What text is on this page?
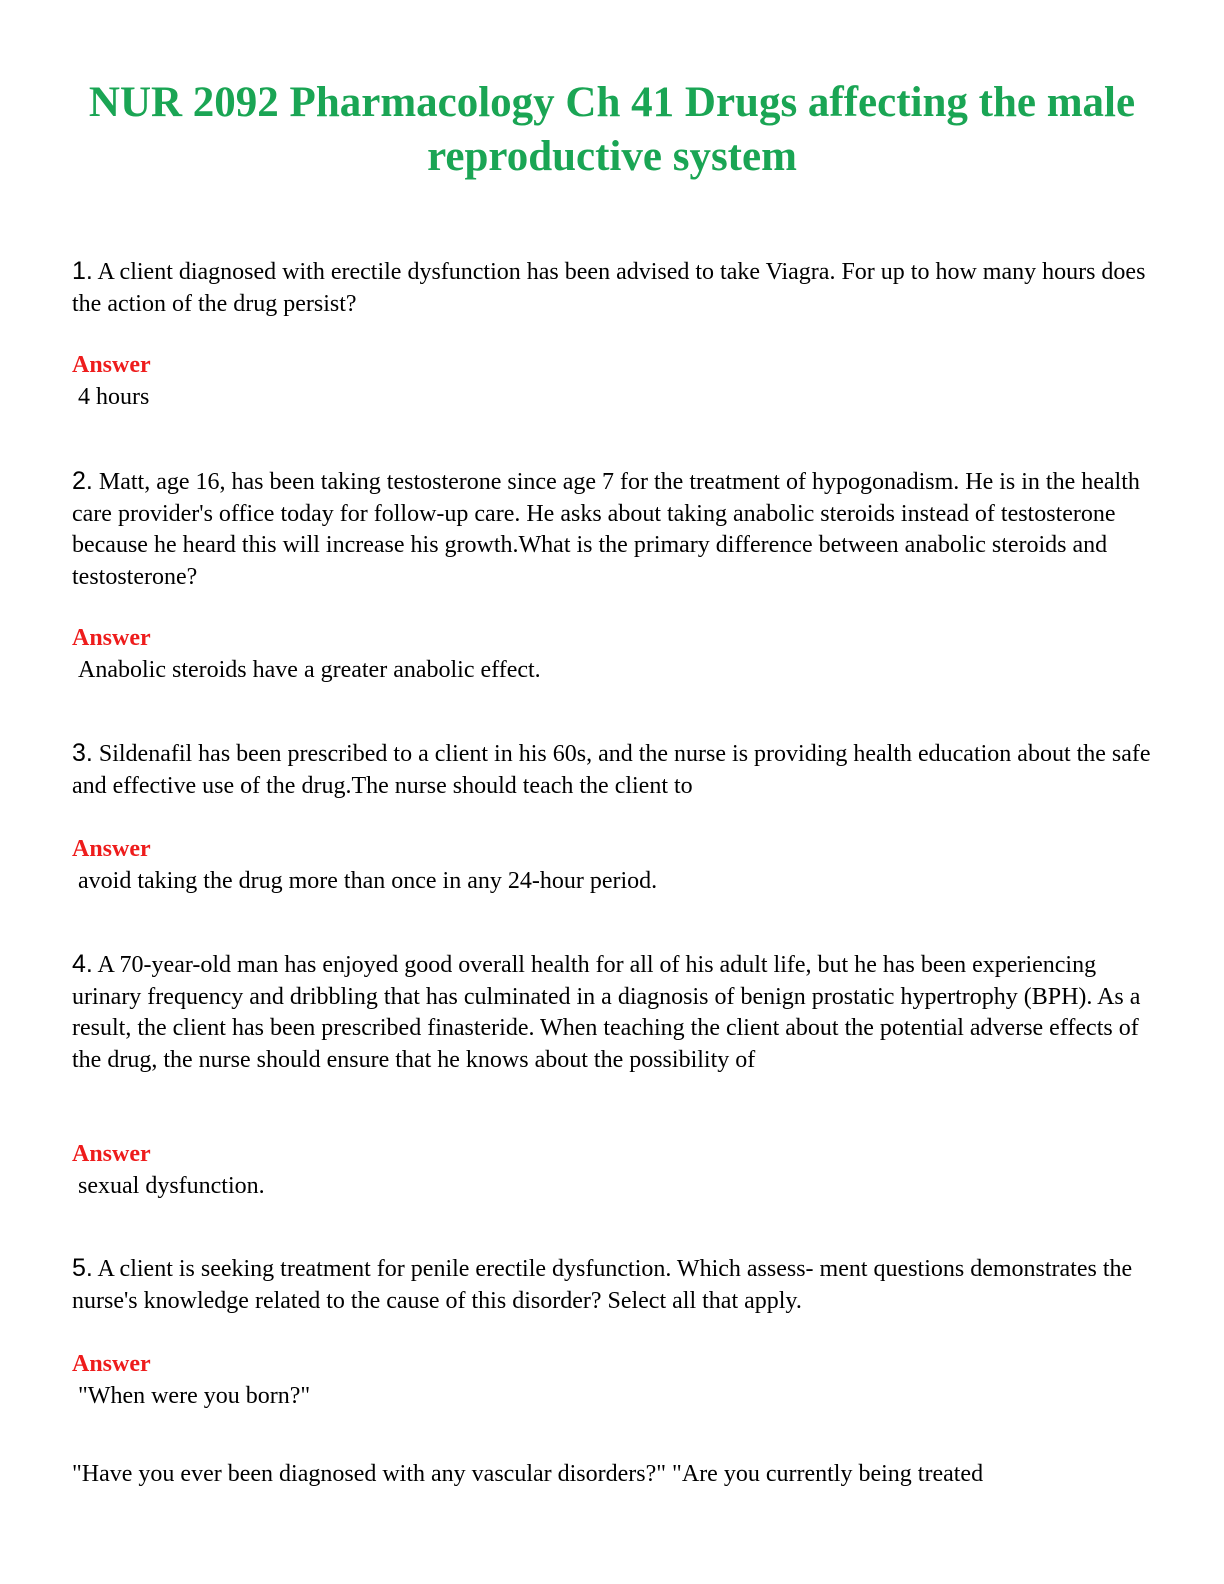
NUR 2092 Pharmacology Ch 41 Drugs affecting the male reproductive system

1. A client diagnosed with erectile dysfunction has been advised to take Viagra. For up to how many hours does the action of the drug persist?

Answer

4 hours

2. Matt, age 16, has been taking testosterone since age 7 for the treatment of hypogonadism. He is in the health care provider's office today for follow-up care. He asks about taking anabolic steroids instead of testosterone because he heard this will increase his growth.What is the primary difference between anabolic steroids and testosterone?

Answer

Anabolic steroids have a greater anabolic effect.

3. Sildenafil has been prescribed to a client in his 60s, and the nurse is providing health education about the safe and effective use of the drug.The nurse should teach the client to

Answer

avoid taking the drug more than once in any 24-hour period.

4. A 70-year-old man has enjoyed good overall health for all of his adult life, but he has been experiencing urinary frequency and dribbling that has culminated in a diagnosis of benign prostatic hypertrophy (BPH). As a result, the client has been prescribed finasteride. When teaching the client about the potential adverse effects of the drug, the nurse should ensure that he knows about the possibility of

Answer

sexual dysfunction.

5. A client is seeking treatment for penile erectile dysfunction. Which assess- ment questions demonstrates the nurse's knowledge related to the cause of this disorder? Select all that apply.

Answer

"When were you born?"

"Have you ever been diagnosed with any vascular disorders?" "Are you currently being treated
